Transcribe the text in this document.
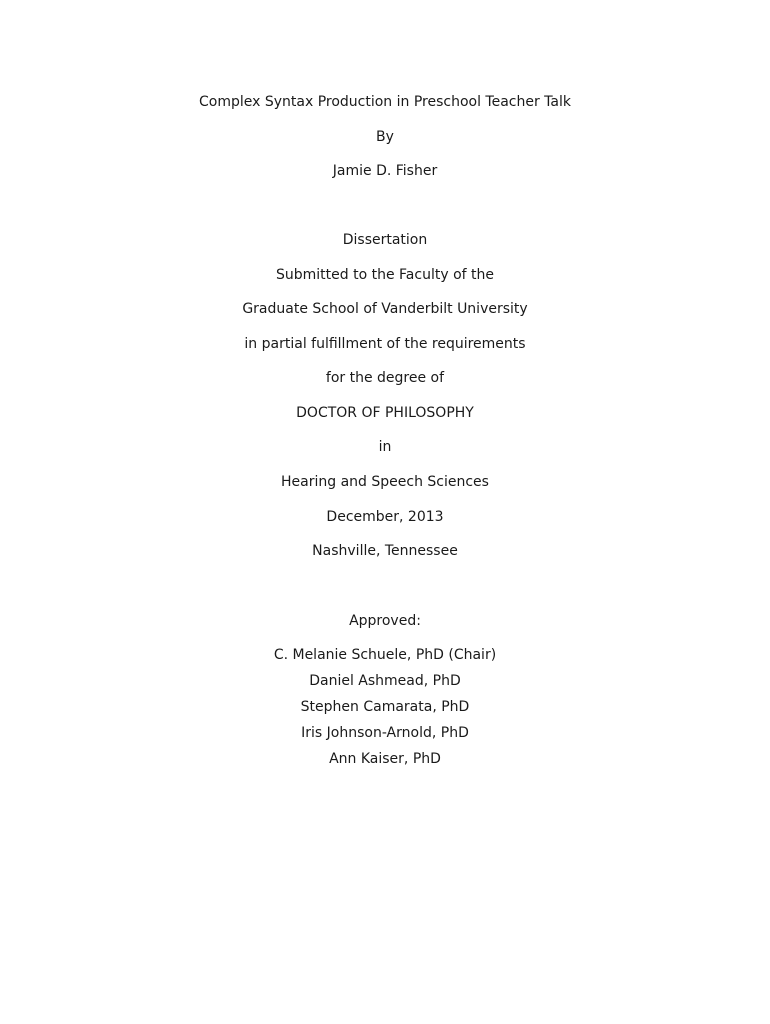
Complex Syntax Production in Preschool Teacher Talk
By
Jamie D. Fisher
Dissertation
Submitted to the Faculty of the
Graduate School of Vanderbilt University
in partial fulfillment of the requirements
for the degree of
DOCTOR OF PHILOSOPHY
in
Hearing and Speech Sciences
December, 2013
Nashville, Tennessee
Approved:
C. Melanie Schuele, PhD (Chair)
Daniel Ashmead, PhD
Stephen Camarata, PhD
Iris Johnson-Arnold, PhD
Ann Kaiser, PhD
